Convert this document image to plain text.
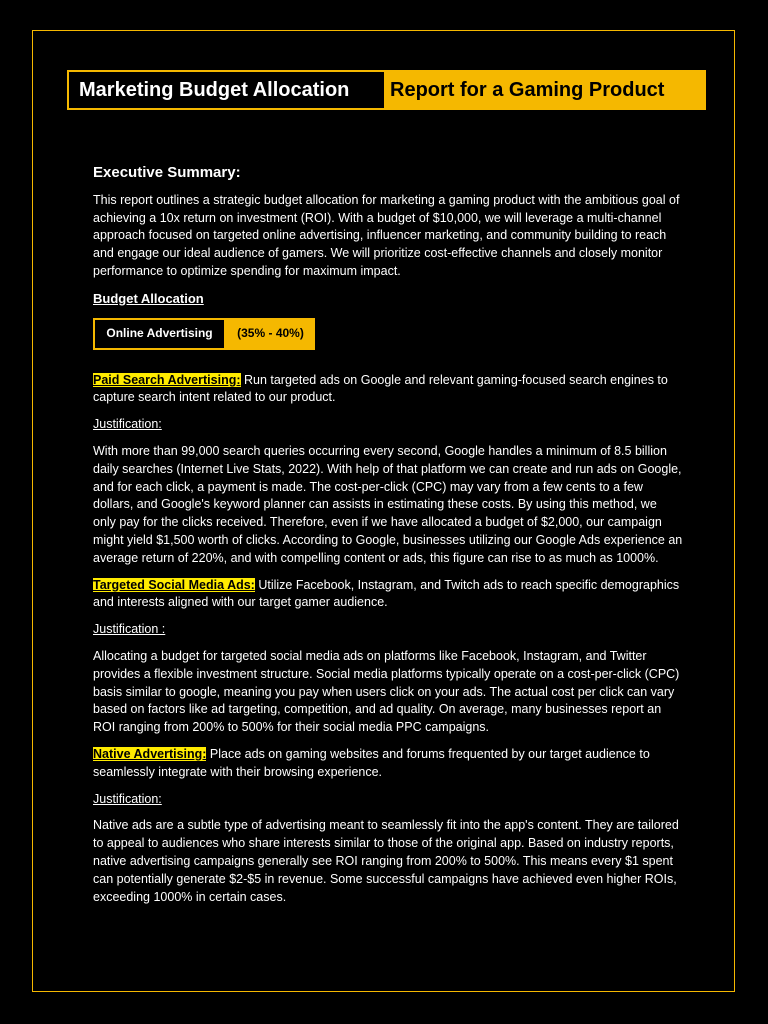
Marketing Budget Allocation	Report for a Gaming Product
Executive Summary:

This report outlines a strategic budget allocation for marketing a gaming product with the ambitious goal of achieving a 10x return on investment (ROI). With a budget of $10,000, we will leverage a multi-channel approach focused on targeted online advertising, influencer marketing, and community building to reach and engage our ideal audience of gamers. We will prioritize cost-effective channels and closely monitor performance to optimize spending for maximum impact.

Budget Allocation
Online Advertising	(35% - 40%)

Paid Search Advertising: Run targeted ads on Google and relevant gaming-focused search engines to capture search intent related to our product.

Justification:

With more than 99,000 search queries occurring every second, Google handles a minimum of 8.5 billion daily searches (Internet Live Stats, 2022). With help of that platform we can create and run ads on Google, and for each click, a payment is made. The cost-per-click (CPC) may vary from a few cents to a few dollars, and Google's keyword planner can assists in estimating these costs. By using this method, we only pay for the clicks received. Therefore, even if we have allocated a budget of $2,000, our campaign might yield $1,500 worth of clicks. According to Google, businesses utilizing our Google Ads experience an average return of 220%, and with compelling content or ads, this figure can rise to as much as 1000%.

Targeted Social Media Ads: Utilize Facebook, Instagram, and Twitch ads to reach specific demographics and interests aligned with our target gamer audience.

Justification :

Allocating a budget for targeted social media ads on platforms like Facebook, Instagram, and Twitter provides a flexible investment structure. Social media platforms typically operate on a cost-per-click (CPC) basis similar to google, meaning you pay when users click on your ads. The actual cost per click can vary based on factors like ad targeting, competition, and ad quality. On average, many businesses report an ROI ranging from 200% to 500% for their social media PPC campaigns.

Native Advertising: Place ads on gaming websites and forums frequented by our target audience to seamlessly integrate with their browsing experience.

Justification:

Native ads are a subtle type of advertising meant to seamlessly fit into the app's content. They are tailored to appeal to audiences who share interests similar to those of the original app. Based on industry reports, native advertising campaigns generally see ROI ranging from 200% to 500%. This means every $1 spent can potentially generate $2-$5 in revenue. Some successful campaigns have achieved even higher ROIs, exceeding 1000% in certain cases.
